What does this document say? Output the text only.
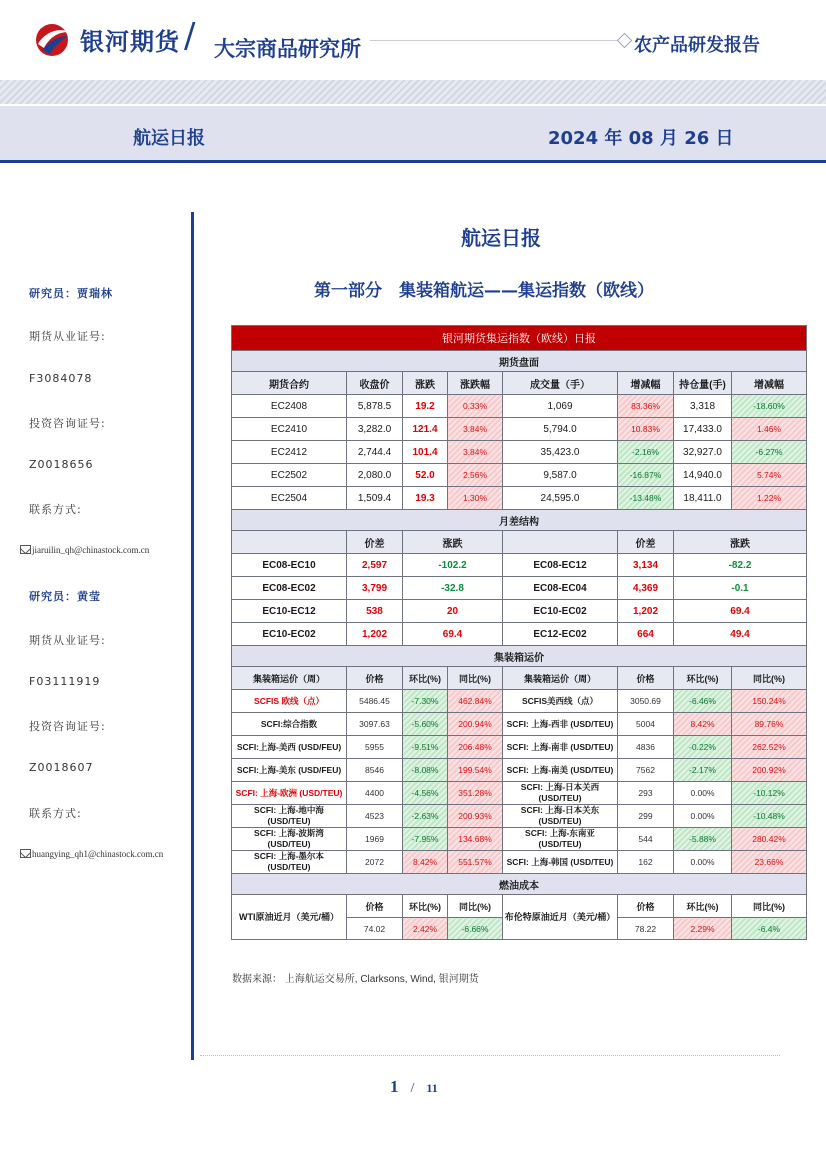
银河期货 / 大宗商品研究所	农产品研发报告
航运日报	2024 年 08 月 26 日
研究员：贾瑞林
期货从业证号:
F3084078
投资咨询证号:
Z0018656
联系方式:
jiaruilin_qh@chinastock.com.cn
研究员：黄莹
期货从业证号:
F03111919
投资咨询证号:
Z0018607
联系方式:
huangying_qh1@chinastock.com.cn
航运日报
第一部分　集装箱航运——集运指数（欧线）
银河期货集运指数（欧线）日报							
期货盘面							
期货合约	收盘价	涨跌	涨跌幅	成交量（手）	增减幅	持仓量(手)	增减幅
EC2408	5,878.5	19.2	0.33%	1,069	83.36%	3,318	-18.60%
EC2410	3,282.0	121.4	3.84%	5,794.0	10.83%	17,433.0	1.46%
EC2412	2,744.4	101.4	3.84%	35,423.0	-2.16%	32,927.0	-6.27%
EC2502	2,080.0	52.0	2.56%	9,587.0	-16.87%	14,940.0	5.74%
EC2504	1,509.4	19.3	1.30%	24,595.0	-13.48%	18,411.0	1.22%
月差结构							
	价差	涨跌			价差	涨跌	
EC08-EC10	2,597	-102.2		EC08-EC12	3,134	-82.2	
EC08-EC02	3,799	-32.8		EC08-EC04	4,369	-0.1	
EC10-EC12	538	20		EC10-EC02	1,202	69.4	
EC10-EC02	1,202	69.4		EC12-EC02	664	49.4	
集装箱运价							
集装箱运价（周）	价格	环比(%)	同比(%)	集装箱运价（周）	价格	环比(%)	同比(%)
SCFIS 欧线（点）	5486.45	-7.30%	462.84%	SCFIS美西线（点）	3050.69	-6.46%	150.24%
SCFI:综合指数	3097.63	-5.60%	200.94%	SCFI: 上海-西非 (USD/TEU)	5004	8.42%	89.76%
SCFI:上海-美西 (USD/FEU)	5955	-9.51%	206.48%	SCFI: 上海-南非 (USD/TEU)	4836	-0.22%	262.52%
SCFI:上海-美东 (USD/FEU)	8546	-8.08%	199.54%	SCFI: 上海-南美 (USD/TEU)	7562	-2.17%	200.92%
SCFI: 上海-欧洲 (USD/TEU)	4400	-4.56%	351.28%	SCFI: 上海-日本关西 (USD/TEU)	293	0.00%	-10.12%
SCFI: 上海-地中海 (USD/TEU)	4523	-2.63%	200.93%	SCFI: 上海-日本关东 (USD/TEU)	299	0.00%	-10.48%
SCFI: 上海-波斯湾 (USD/TEU)	1969	-7.95%	134.68%	SCFI: 上海-东南亚 (USD/TEU)	544	-5.88%	280.42%
SCFI: 上海-墨尔本 (USD/TEU)	2072	8.42%	551.57%	SCFI: 上海-韩国 (USD/TEU)	162	0.00%	23.66%
燃油成本							
WTI原油近月（美元/桶）	价格	环比(%)	同比(%)	布伦特原油近月（美元/桶）	价格	环比(%)	同比(%)
	74.02	2.42%	-6.66%		78.22	2.29%	-6.4%
数据来源： 上海航运交易所, Clarksons, Wind, 银河期货
1 / 11
